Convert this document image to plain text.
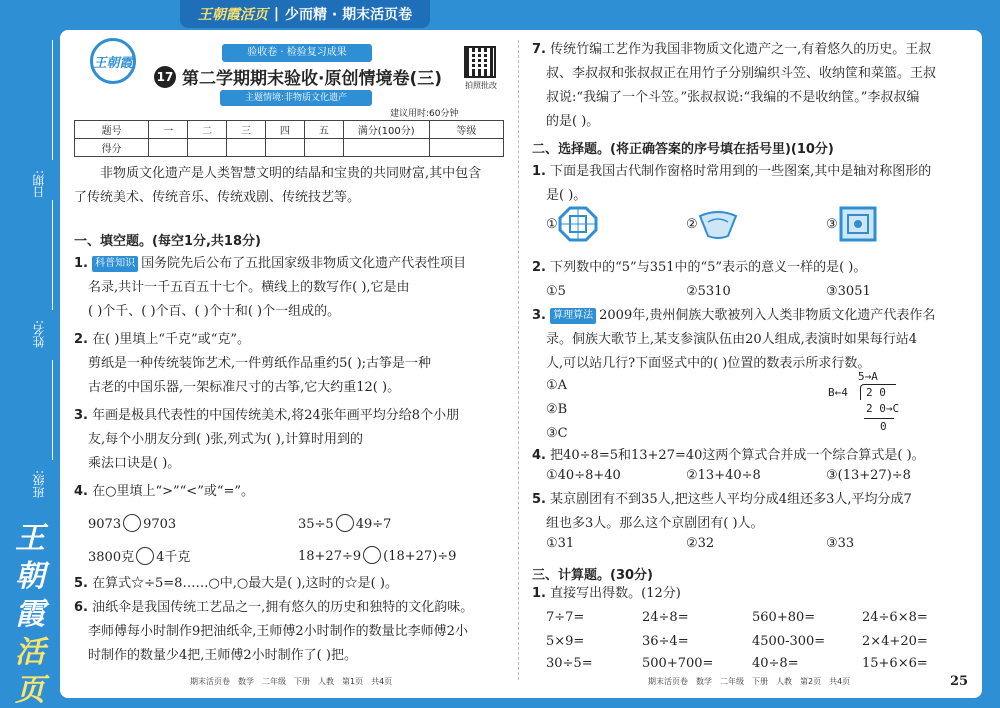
王朝霞活页 | 少而精 · 期末活页卷
日期:
姓名:
班级:
王朝霞
活页
王朝霞
验收卷 · 检验复习成果
17 第二学期期末验收·原创情境卷(三)
主题情境:非物质文化遗产
拍照批改
建议用时:60分钟
题号	一	二	三	四	五	满分(100分)	等级
得分							
非物质文化遗产是人类智慧文明的结晶和宝贵的共同财富,其中包含
了传统美术、传统音乐、传统戏剧、传统技艺等。
一、填空题。(每空1分,共18分)
1. 科普知识 国务院先后公布了五批国家级非物质文化遗产代表性项目
名录,共计一千五百五十七个。横线上的数写作( ),它是由
( )个千、( )个百、( )个十和( )个一组成的。
2. 在( )里填上“千克”或“克”。
剪纸是一种传统装饰艺术,一件剪纸作品重约5( );古筝是一种
古老的中国乐器,一架标准尺寸的古筝,它大约重12( )。
3. 年画是极具代表性的中国传统美术,将24张年画平均分给8个小朋
友,每个小朋友分到( )张,列式为( ),计算时用到的
乘法口诀是( )。
4. 在○里填上“>”“<”或“=”。
9073 9703	35÷5 49÷7
3800克 4千克	18+27÷9 (18+27)÷9
5. 在算式☆÷5=8……○中,○最大是( ),这时的☆是( )。
6. 油纸伞是我国传统工艺品之一,拥有悠久的历史和独特的文化韵味。
李师傅每小时制作9把油纸伞,王师傅2小时制作的数量比李师傅2小
时制作的数量少4把,王师傅2小时制作了( )把。
期末活页卷　数学　二年级　下册　人教　第1页　共4页
7. 传统竹编工艺作为我国非物质文化遗产之一,有着悠久的历史。王叔
叔、李叔叔和张叔叔正在用竹子分别编织斗笠、收纳筐和菜篮。王叔
叔说:“我编了一个斗笠。”张叔叔说:“我编的不是收纳筐。”李叔叔编
的是( )。
二、选择题。(将正确答案的序号填在括号里)(10分)
1. 下面是我国古代制作窗格时常用到的一些图案,其中是轴对称图形的
是( )。
①	②	③
2. 下列数中的“5”与351中的“5”表示的意义一样的是( )。
①5	②5310	③3051
3. 算理算法 2009年,贵州侗族大歌被列入人类非物质文化遗产代表作名
录。侗族大歌节上,某支参演队伍由20人组成,表演时如果每行站4
人,可以站几行?下面竖式中的( )位置的数表示所求行数。
①A
②B
③C
5→A
B←4 2 0
2 0→C
0
4. 把40÷8=5和13+27=40这两个算式合并成一个综合算式是( )。
①40÷8+40	②13+40÷8	③(13+27)÷8
5. 某京剧团有不到35人,把这些人平均分成4组还多3人,平均分成7
组也多3人。那么这个京剧团有( )人。
①31	②32	③33
三、计算题。(30分)
1. 直接写出得数。(12分)
7÷7=	24÷8=	560+80=	24÷6×8=
5×9=	36÷4=	4500-300=	2×4+20=
30÷5=	500+700=	40÷8=	15+6×6=
期末活页卷　数学　二年级　下册　人教　第2页　共4页	25
